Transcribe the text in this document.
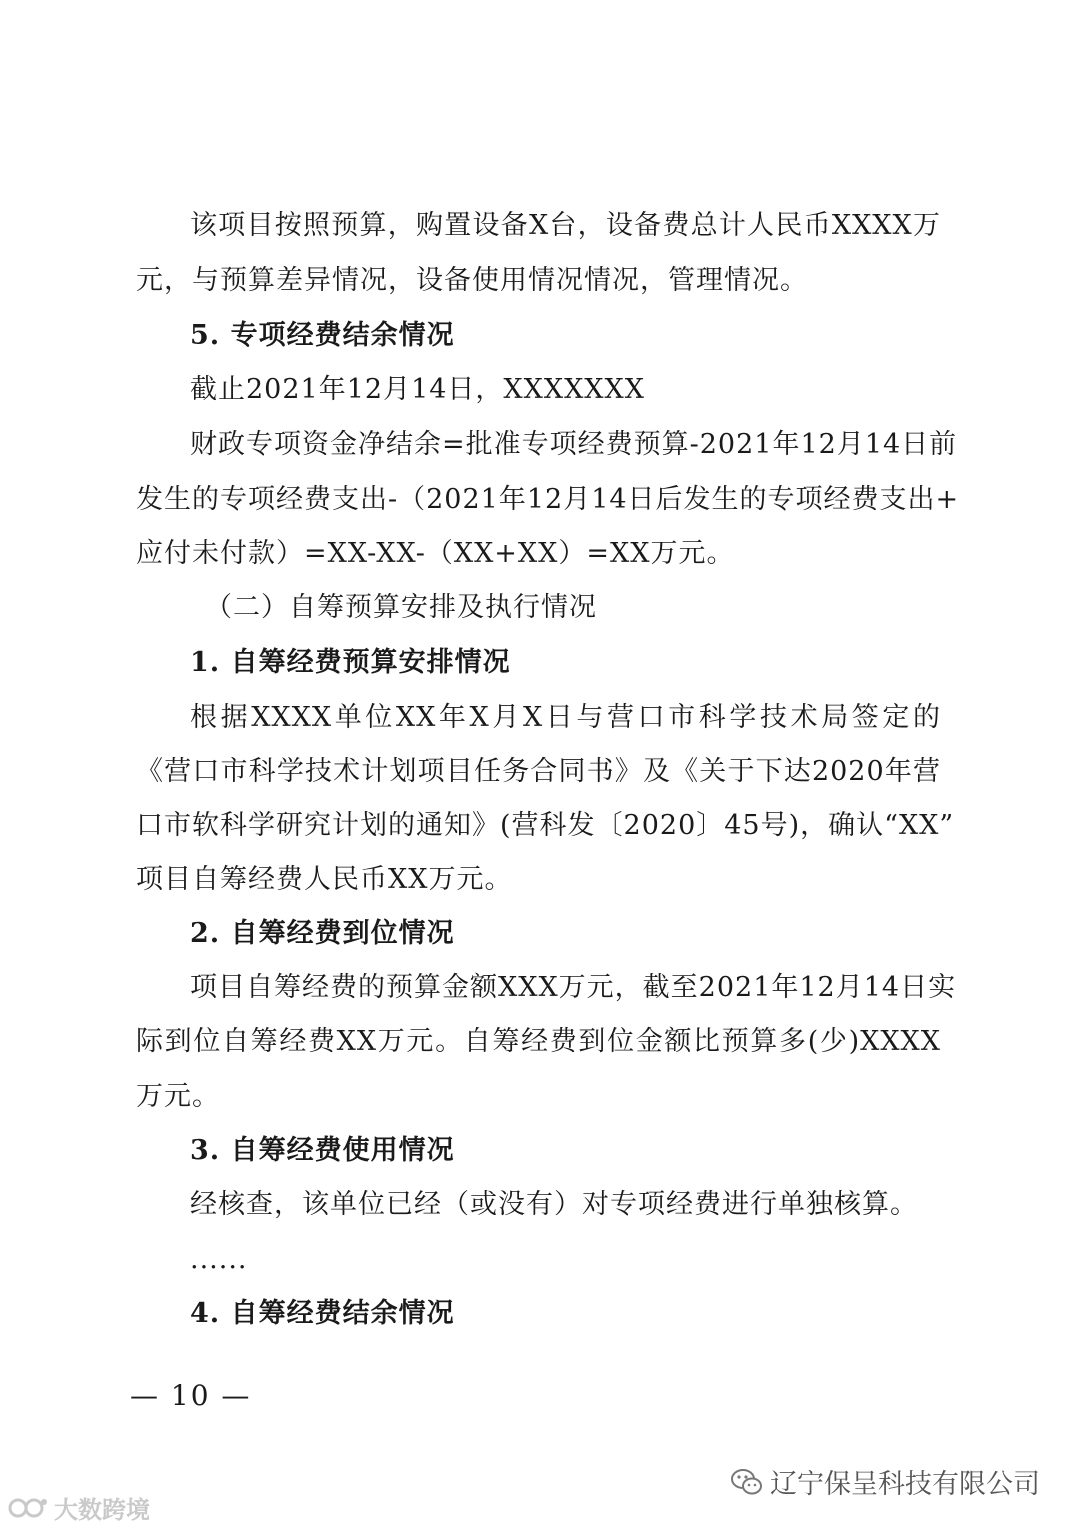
该项目按照预算，购置设备X台，设备费总计人民币XXXX万
元，与预算差异情况，设备使用情况情况，管理情况。
5. 专项经费结余情况
截止2021年12月14日，XXXXXXX
财政专项资金净结余=批准专项经费预算-2021年12月14日前
发生的专项经费支出-（2021年12月14日后发生的专项经费支出+
应付未付款）=XX-XX-（XX+XX）=XX万元。
（二）自筹预算安排及执行情况
1. 自筹经费预算安排情况
根据XXXX单位XX年X月X日与营口市科学技术局签定的
《营口市科学技术计划项目任务合同书》及《关于下达2020年营
口市软科学研究计划的通知》(营科发〔2020〕45号)，确认“XX”
项目自筹经费人民币XX万元。
2. 自筹经费到位情况
项目自筹经费的预算金额XXX万元，截至2021年12月14日实
际到位自筹经费XX万元。自筹经费到位金额比预算多(少)XXXX
万元。
3. 自筹经费使用情况
经核查，该单位已经（或没有）对专项经费进行单独核算。
......
4. 自筹经费结余情况
— 10 —
辽宁保呈科技有限公司
大数跨境
